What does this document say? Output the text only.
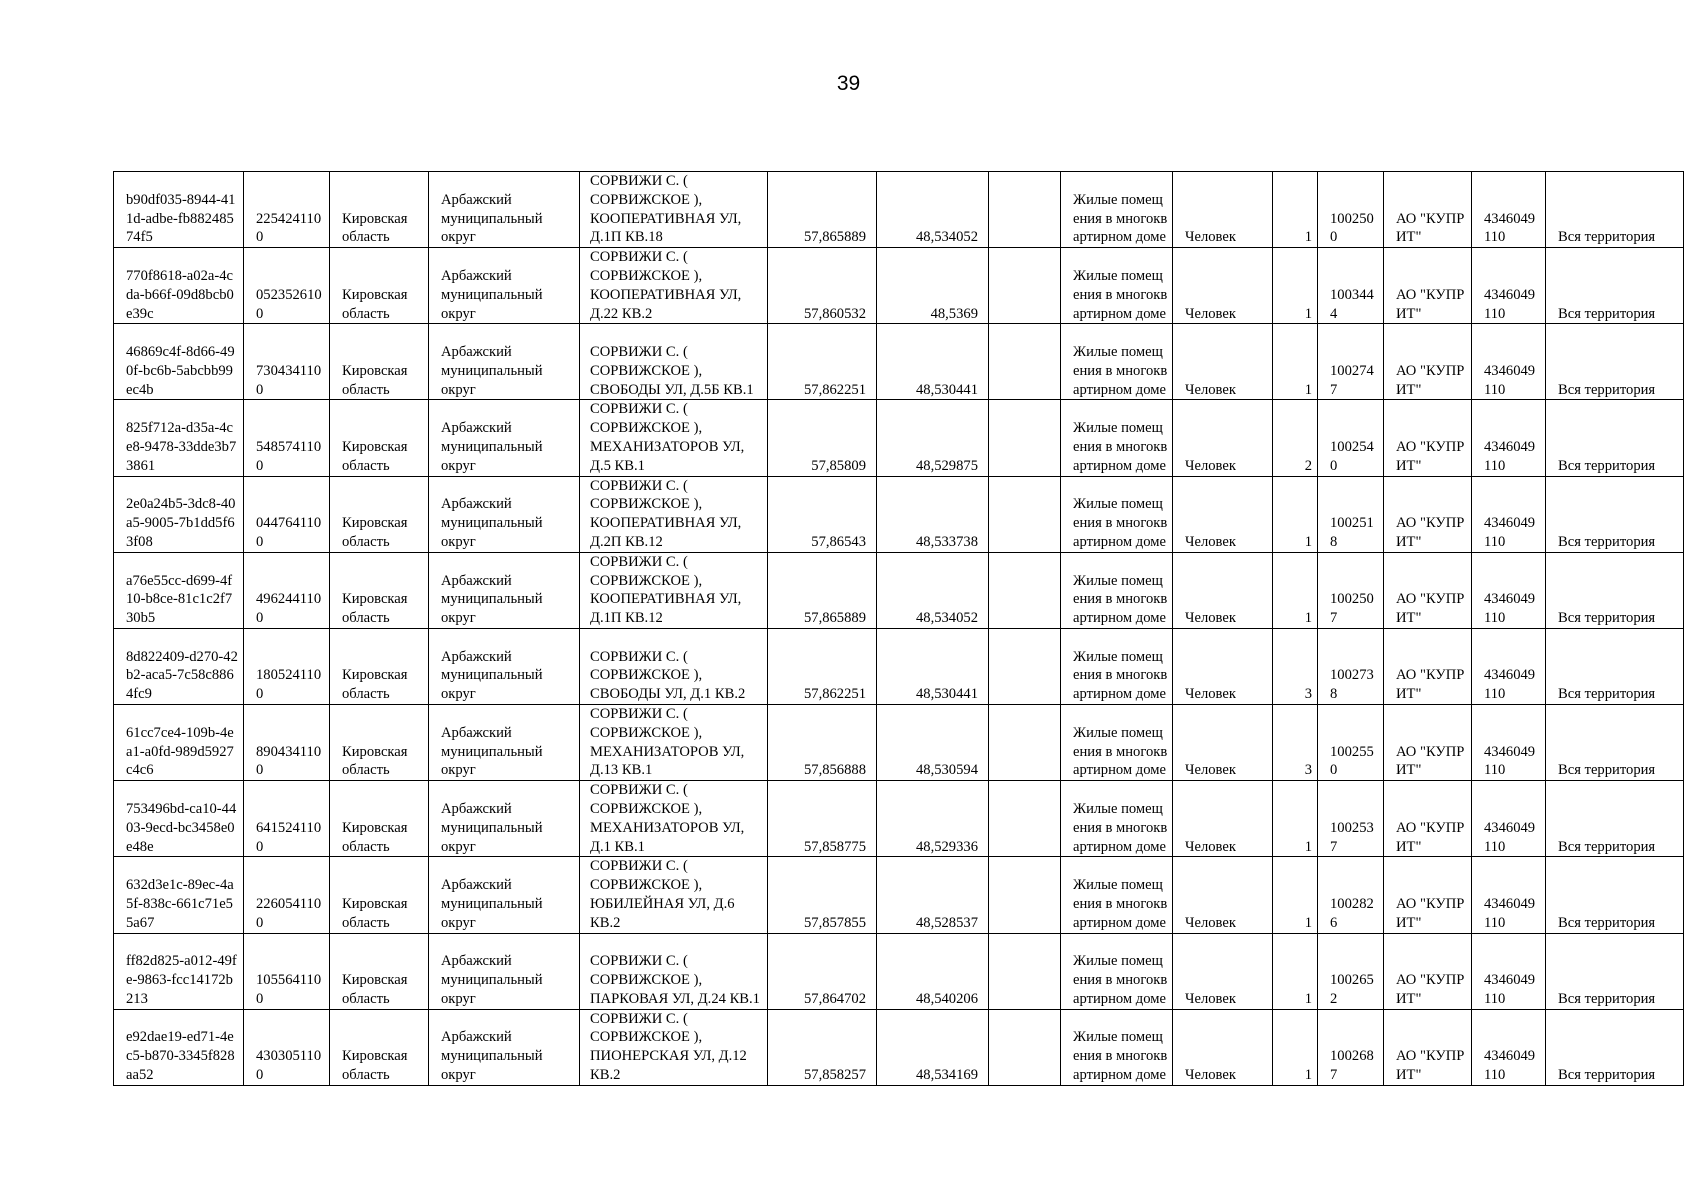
39
b90df035-8944-411d-adbe-fb88248574f5	2254241100	Кировская область	Арбажский муниципальный округ	СОРВИЖИ С. ( СОРВИЖСКОЕ ), КООПЕРАТИВНАЯ УЛ, Д.1П КВ.18	57,865889	48,534052		Жилые помещения в многоквартирном доме	Человек	1	1002500	АО "КУПРИТ"	4346049110	Вся территория
770f8618-a02a-4cda-b66f-09d8bcb0e39c	0523526100	Кировская область	Арбажский муниципальный округ	СОРВИЖИ С. ( СОРВИЖСКОЕ ), КООПЕРАТИВНАЯ УЛ, Д.22 КВ.2	57,860532	48,5369		Жилые помещения в многоквартирном доме	Человек	1	1003444	АО "КУПРИТ"	4346049110	Вся территория
46869c4f-8d66-490f-bc6b-5abcbb99ec4b	7304341100	Кировская область	Арбажский муниципальный округ	СОРВИЖИ С. ( СОРВИЖСКОЕ ), СВОБОДЫ УЛ, Д.5Б КВ.1	57,862251	48,530441		Жилые помещения в многоквартирном доме	Человек	1	1002747	АО "КУПРИТ"	4346049110	Вся территория
825f712a-d35a-4ce8-9478-33dde3b73861	5485741100	Кировская область	Арбажский муниципальный округ	СОРВИЖИ С. ( СОРВИЖСКОЕ ), МЕХАНИЗАТОРОВ УЛ, Д.5 КВ.1	57,85809	48,529875		Жилые помещения в многоквартирном доме	Человек	2	1002540	АО "КУПРИТ"	4346049110	Вся территория
2e0a24b5-3dc8-40a5-9005-7b1dd5f63f08	0447641100	Кировская область	Арбажский муниципальный округ	СОРВИЖИ С. ( СОРВИЖСКОЕ ), КООПЕРАТИВНАЯ УЛ, Д.2П КВ.12	57,86543	48,533738		Жилые помещения в многоквартирном доме	Человек	1	1002518	АО "КУПРИТ"	4346049110	Вся территория
a76e55cc-d699-4f10-b8ce-81c1c2f730b5	4962441100	Кировская область	Арбажский муниципальный округ	СОРВИЖИ С. ( СОРВИЖСКОЕ ), КООПЕРАТИВНАЯ УЛ, Д.1П КВ.12	57,865889	48,534052		Жилые помещения в многоквартирном доме	Человек	1	1002507	АО "КУПРИТ"	4346049110	Вся территория
8d822409-d270-42b2-aca5-7c58c8864fc9	1805241100	Кировская область	Арбажский муниципальный округ	СОРВИЖИ С. ( СОРВИЖСКОЕ ), СВОБОДЫ УЛ, Д.1 КВ.2	57,862251	48,530441		Жилые помещения в многоквартирном доме	Человек	3	1002738	АО "КУПРИТ"	4346049110	Вся территория
61cc7ce4-109b-4ea1-a0fd-989d5927c4c6	8904341100	Кировская область	Арбажский муниципальный округ	СОРВИЖИ С. ( СОРВИЖСКОЕ ), МЕХАНИЗАТОРОВ УЛ, Д.13 КВ.1	57,856888	48,530594		Жилые помещения в многоквартирном доме	Человек	3	1002550	АО "КУПРИТ"	4346049110	Вся территория
753496bd-ca10-4403-9ecd-bc3458e0e48e	6415241100	Кировская область	Арбажский муниципальный округ	СОРВИЖИ С. ( СОРВИЖСКОЕ ), МЕХАНИЗАТОРОВ УЛ, Д.1 КВ.1	57,858775	48,529336		Жилые помещения в многоквартирном доме	Человек	1	1002537	АО "КУПРИТ"	4346049110	Вся территория
632d3e1c-89ec-4a5f-838c-661c71e55a67	2260541100	Кировская область	Арбажский муниципальный округ	СОРВИЖИ С. ( СОРВИЖСКОЕ ), ЮБИЛЕЙНАЯ УЛ, Д.6 КВ.2	57,857855	48,528537		Жилые помещения в многоквартирном доме	Человек	1	1002826	АО "КУПРИТ"	4346049110	Вся территория
ff82d825-a012-49fe-9863-fcc14172b213	1055641100	Кировская область	Арбажский муниципальный округ	СОРВИЖИ С. ( СОРВИЖСКОЕ ), ПАРКОВАЯ УЛ, Д.24 КВ.1	57,864702	48,540206		Жилые помещения в многоквартирном доме	Человек	1	1002652	АО "КУПРИТ"	4346049110	Вся территория
e92dae19-ed71-4ec5-b870-3345f828aa52	4303051100	Кировская область	Арбажский муниципальный округ	СОРВИЖИ С. ( СОРВИЖСКОЕ ), ПИОНЕРСКАЯ УЛ, Д.12 КВ.2	57,858257	48,534169		Жилые помещения в многоквартирном доме	Человек	1	1002687	АО "КУПРИТ"	4346049110	Вся территория
